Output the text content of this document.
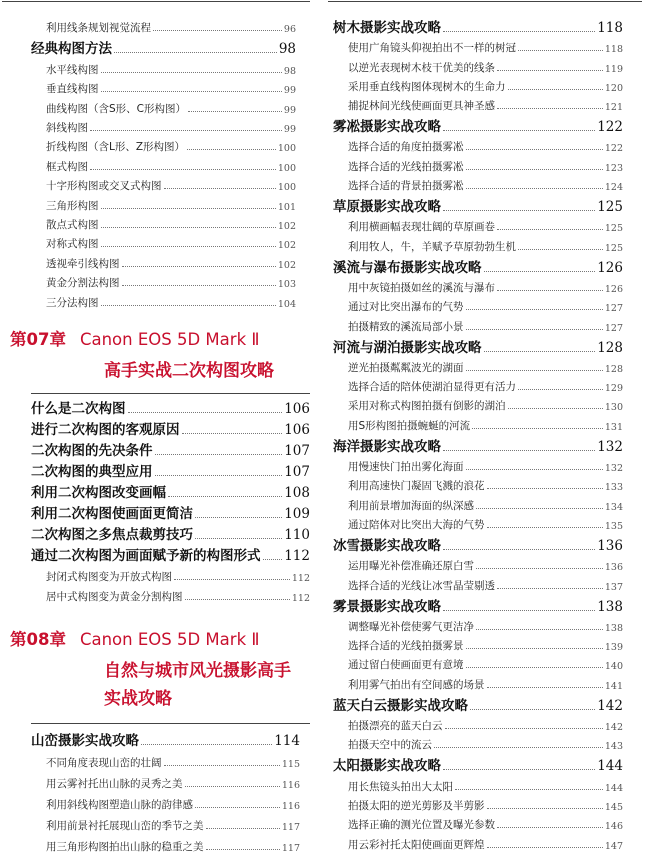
利用线条规划视觉流程	96
经典构图方法	98
水平线构图	98
垂直线构图	99
曲线构图（含S形、C形构图）	99
斜线构图	99
折线构图（含L形、Z形构图）	100
框式构图	100
十字形构图或交叉式构图	100
三角形构图	101
散点式构图	102
对称式构图	102
透视牵引线构图	102
黄金分割法构图	103
三分法构图	104
第07章 Canon EOS 5D Mark Ⅱ
高手实战二次构图攻略
什么是二次构图	106
进行二次构图的客观原因	106
二次构图的先决条件	107
二次构图的典型应用	107
利用二次构图改变画幅	108
利用二次构图使画面更简洁	109
二次构图之多焦点裁剪技巧	110
通过二次构图为画面赋予新的构图形式 112
封闭式构图变为开放式构图	112
居中式构图变为黄金分割构图	112
第08章 Canon EOS 5D Mark Ⅱ
自然与城市风光摄影高手
实战攻略
山峦摄影实战攻略	114
不同角度表现山峦的壮阔	115
用云雾衬托出山脉的灵秀之美	116
利用斜线构图塑造山脉的韵律感	116
利用前景衬托展现山峦的季节之美	117
用三角形构图拍出山脉的稳重之美	117
树木摄影实战攻略	118
使用广角镜头仰视拍出不一样的树冠	118
以逆光表现树木枝干优美的线条	119
采用垂直线构图体现树木的生命力	120
捕捉林间光线使画面更具神圣感	121
雾凇摄影实战攻略	122
选择合适的角度拍摄雾凇	122
选择合适的光线拍摄雾凇	123
选择合适的背景拍摄雾凇	124
草原摄影实战攻略	125
利用横画幅表现壮阔的草原画卷	125
利用牧人，牛，羊赋予草原勃勃生机	125
溪流与瀑布摄影实战攻略	126
用中灰镜拍摄如丝的溪流与瀑布	126
通过对比突出瀑布的气势	127
拍摄精致的溪流局部小景	127
河流与湖泊摄影实战攻略	128
逆光拍摄粼粼波光的湖面	128
选择合适的陪体使湖泊显得更有活力	129
采用对称式构图拍摄有倒影的湖泊	130
用S形构图拍摄蜿蜒的河流	131
海洋摄影实战攻略	132
用慢速快门拍出雾化海面	132
利用高速快门凝固飞溅的浪花	133
利用前景增加海面的纵深感	134
通过陪体对比突出大海的气势	135
冰雪摄影实战攻略	136
运用曝光补偿准确还原白雪	136
选择合适的光线让冰雪晶莹剔透	137
雾景摄影实战攻略	138
调整曝光补偿使雾气更洁净	138
选择合适的光线拍摄雾景	139
通过留白使画面更有意境	140
利用雾气拍出有空间感的场景	141
蓝天白云摄影实战攻略	142
拍摄漂亮的蓝天白云	142
拍摄天空中的流云	143
太阳摄影实战攻略	144
用长焦镜头拍出大太阳	144
拍摄太阳的逆光剪影及半剪影	145
选择正确的测光位置及曝光参数	146
用云彩衬托太阳使画面更辉煌	147
